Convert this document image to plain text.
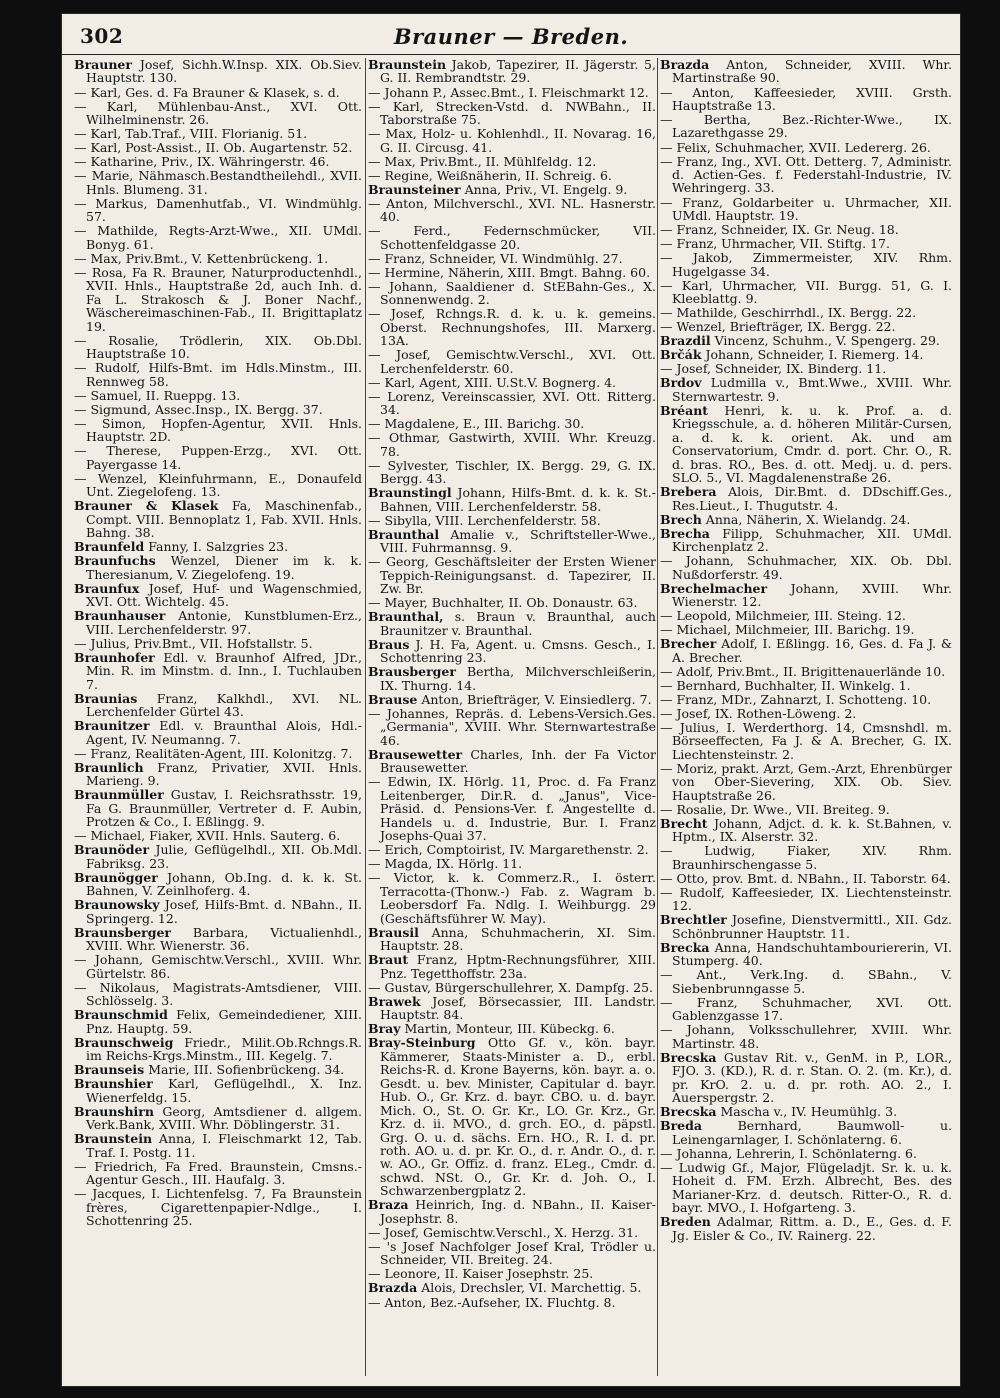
302	Brauner — Breden.

Brauner Josef, Sichh.W.Insp. XIX. Ob.Siev. Hauptstr. 130.

— Karl, Ges. d. Fa Brauner & Klasek, s. d.

— Karl, Mühlenbau-Anst., XVI. Ott. Wilhelminenstr. 26.

— Karl, Tab.Traf., VIII. Florianig. 51.

— Karl, Post-Assist., II. Ob. Augartenstr. 52.

— Katharine, Priv., IX. Währingerstr. 46.

— Marie, Nähmasch.Bestandtheilehdl., XVII. Hnls. Blumeng. 31.

— Markus, Damenhutfab., VI. Windmühlg. 57.

— Mathilde, Regts-Arzt-Wwe., XII. UMdl. Bonyg. 61.

— Max, Priv.Bmt., V. Kettenbrückeng. 1.

— Rosa, Fa R. Brauner, Naturproductenhdl., XVII. Hnls., Hauptstraße 2d, auch Inh. d. Fa L. Strakosch & J. Boner Nachf., Wäschereimaschinen-Fab., II. Brigittaplatz 19.

— Rosalie, Trödlerin, XIX. Ob.Dbl. Hauptstraße 10.

— Rudolf, Hilfs-Bmt. im Hdls.Minstm., III. Rennweg 58.

— Samuel, II. Rueppg. 13.

— Sigmund, Assec.Insp., IX. Bergg. 37.

— Simon, Hopfen-Agentur, XVII. Hnls. Hauptstr. 2D.

— Therese, Puppen-Erzg., XVI. Ott. Payergasse 14.

— Wenzel, Kleinfuhrmann, E., Donaufeld Unt. Ziegelofeng. 13.

Brauner & Klasek Fa, Maschinenfab., Compt. VIII. Bennoplatz 1, Fab. XVII. Hnls. Bahng. 38.

Braunfeld Fanny, I. Salzgries 23.

Braunfuchs Wenzel, Diener im k. k. Theresianum, V. Ziegelofeng. 19.

Braunfux Josef, Huf- und Wagenschmied, XVI. Ott. Wichtelg. 45.

Braunhauser Antonie, Kunstblumen-Erz., VIII. Lerchenfelderstr. 97.

— Julius, Priv.Bmt., VII. Hofstallstr. 5.

Braunhofer Edl. v. Braunhof Alfred, JDr., Min. R. im Minstm. d. Inn., I. Tuchlauben 7.

Braunias Franz, Kalkhdl., XVI. NL. Lerchenfelder Gürtel 43.

Braunitzer Edl. v. Braunthal Alois, Hdl.-Agent, IV. Neumanng. 7.

— Franz, Realitäten-Agent, III. Kolonitzg. 7.

Braunlich Franz, Privatier, XVII. Hnls. Marieng. 9.

Braunmüller Gustav, I. Reichsrathsstr. 19, Fa G. Braunmüller, Vertreter d. F. Aubin, Protzen & Co., I. Eßlingg. 9.

— Michael, Fiaker, XVII. Hnls. Sauterg. 6.

Braunöder Julie, Geflügelhdl., XII. Ob.Mdl. Fabriksg. 23.

Braunögger Johann, Ob.Ing. d. k. k. St. Bahnen, V. Zeinlhoferg. 4.

Braunowsky Josef, Hilfs-Bmt. d. NBahn., II. Springerg. 12.

Braunsberger Barbara, Victualienhdl., XVIII. Whr. Wienerstr. 36.

— Johann, Gemischtw.Verschl., XVIII. Whr. Gürtelstr. 86.

— Nikolaus, Magistrats-Amtsdiener, VIII. Schlösselg. 3.

Braunschmid Felix, Gemeindediener, XIII. Pnz. Hauptg. 59.

Braunschweig Friedr., Milit.Ob.Rchngs.R. im Reichs-Krgs.Minstm., III. Kegelg. 7.

Braunseis Marie, III. Sofienbrückeng. 34.

Braunshier Karl, Geflügelhdl., X. Inz. Wienerfeldg. 15.

Braunshirn Georg, Amtsdiener d. allgem. Verk.Bank, XVIII. Whr. Döblingerstr. 31.

Braunstein Anna, I. Fleischmarkt 12, Tab. Traf. I. Postg. 11.

— Friedrich, Fa Fred. Braunstein, Cmsns.-Agentur Gesch., III. Haufalg. 3.

— Jacques, I. Lichtenfelsg. 7, Fa Braunstein frères, Cigarettenpapier-Ndlge., I. Schottenring 25.

Braunstein Jakob, Tapezirer, II. Jägerstr. 5, G. II. Rembrandtstr. 29.

— Johann P., Assec.Bmt., I. Fleischmarkt 12.

— Karl, Strecken-Vstd. d. NWBahn., II. Taborstraße 75.

— Max, Holz- u. Kohlenhdl., II. Novarag. 16, G. II. Circusg. 41.

— Max, Priv.Bmt., II. Mühlfeldg. 12.

— Regine, Weißnäherin, II. Schreig. 6.

Braunsteiner Anna, Priv., VI. Engelg. 9.

— Anton, Milchverschl., XVI. NL. Hasnerstr. 40.

— Ferd., Federnschmücker, VII. Schottenfeldgasse 20.

— Franz, Schneider, VI. Windmühlg. 27.

— Hermine, Näherin, XIII. Bmgt. Bahng. 60.

— Johann, Saaldiener d. StEBahn-Ges., X. Sonnenwendg. 2.

— Josef, Rchngs.R. d. k. u. k. gemeins. Oberst. Rechnungshofes, III. Marxerg. 13A.

— Josef, Gemischtw.Verschl., XVI. Ott. Lerchenfelderstr. 60.

— Karl, Agent, XIII. U.St.V. Bognerg. 4.

— Lorenz, Vereinscassier, XVI. Ott. Ritterg. 34.

— Magdalene, E., III. Barichg. 30.

— Othmar, Gastwirth, XVIII. Whr. Kreuzg. 78.

— Sylvester, Tischler, IX. Bergg. 29, G. IX. Bergg. 43.

Braunstingl Johann, Hilfs-Bmt. d. k. k. St.-Bahnen, VIII. Lerchenfelderstr. 58.

— Sibylla, VIII. Lerchenfelderstr. 58.

Braunthal Amalie v., Schriftsteller-Wwe., VIII. Fuhrmannsg. 9.

— Georg, Geschäftsleiter der Ersten Wiener Teppich-Reinigungsanst. d. Tapezirer, II. Zw. Br.

— Mayer, Buchhalter, II. Ob. Donaustr. 63.

Braunthal, s. Braun v. Braunthal, auch Braunitzer v. Braunthal.

Braus J. H. Fa, Agent. u. Cmsns. Gesch., I. Schottenring 23.

Brausberger Bertha, Milchverschleißerin, IX. Thurng. 14.

Brause Anton, Briefträger, V. Einsiedlerg. 7.

— Johannes, Repräs. d. Lebens-Versich.Ges. „Germania", XVIII. Whr. Sternwartestraße 46.

Brausewetter Charles, Inh. der Fa Victor Brausewetter.

— Edwin, IX. Hörlg. 11, Proc. d. Fa Franz Leitenberger, Dir.R. d. „Janus", Vice-Präsid. d. Pensions-Ver. f. Angestellte d. Handels u. d. Industrie, Bur. I. Franz Josephs-Quai 37.

— Erich, Comptoirist, IV. Margarethenstr. 2.

— Magda, IX. Hörlg. 11.

— Victor, k. k. Commerz.R., I. österr. Terracotta-(Thonw.-) Fab. z. Wagram b. Leobersdorf Fa. Ndlg. I. Weihburgg. 29 (Geschäftsführer W. May).

Brausil Anna, Schuhmacherin, XI. Sim. Hauptstr. 28.

Braut Franz, Hptm-Rechnungsführer, XIII. Pnz. Tegetthoffstr. 23a.

— Gustav, Bürgerschullehrer, X. Dampfg. 25.

Brawek Josef, Börsecassier, III. Landstr. Hauptstr. 84.

Bray Martin, Monteur, III. Kübeckg. 6.

Bray-Steinburg Otto Gf. v., kön. bayr. Kämmerer, Staats-Minister a. D., erbl. Reichs-R. d. Krone Bayerns, kön. bayr. a. o. Gesdt. u. bev. Minister, Capitular d. bayr. Hub. O., Gr. Krz. d. bayr. CBO. u. d. bayr. Mich. O., St. O. Gr. Kr., LO. Gr. Krz., Gr. Krz. d. ii. MVO., d. grch. EO., d. päpstl. Grg. O. u. d. sächs. Ern. HO., R. I. d. pr. roth. AO. u. d. pr. Kr. O., d. r. Andr. O., d. r. w. AO., Gr. Offiz. d. franz. ELeg., Cmdr. d. schwd. NSt. O., Gr. Kr. d. Joh. O., I. Schwarzenbergplatz 2.

Braza Heinrich, Ing. d. NBahn., II. Kaiser-Josephstr. 8.

— Josef, Gemischtw.Verschl., X. Herzg. 31.

— 's Josef Nachfolger Josef Kral, Trödler u. Schneider, VII. Breiteg. 24.

— Leonore, II. Kaiser Josephstr. 25.

Brazda Alois, Drechsler, VI. Marchettig. 5.

— Anton, Bez.-Aufseher, IX. Fluchtg. 8.

Brazda Anton, Schneider, XVIII. Whr. Martinstraße 90.

— Anton, Kaffeesieder, XVIII. Grsth. Hauptstraße 13.

— Bertha, Bez.-Richter-Wwe., IX. Lazarethgasse 29.

— Felix, Schuhmacher, XVII. Ledererg. 26.

— Franz, Ing., XVI. Ott. Detterg. 7, Administr. d. Actien-Ges. f. Federstahl-Industrie, IV. Wehringerg. 33.

— Franz, Goldarbeiter u. Uhrmacher, XII. UMdl. Hauptstr. 19.

— Franz, Schneider, IX. Gr. Neug. 18.

— Franz, Uhrmacher, VII. Stiftg. 17.

— Jakob, Zimmermeister, XIV. Rhm. Hugelgasse 34.

— Karl, Uhrmacher, VII. Burgg. 51, G. I. Kleeblattg. 9.

— Mathilde, Geschirrhdl., IX. Bergg. 22.

— Wenzel, Briefträger, IX. Bergg. 22.

Brazdil Vincenz, Schuhm., V. Spengerg. 29.

Brčák Johann, Schneider, I. Riemerg. 14.

— Josef, Schneider, IX. Binderg. 11.

Brdov Ludmilla v., Bmt.Wwe., XVIII. Whr. Sternwartestr. 9.

Bréant Henri, k. u. k. Prof. a. d. Kriegsschule, a. d. höheren Militär-Cursen, a. d. k. k. orient. Ak. und am Conservatorium, Cmdr. d. port. Chr. O., R. d. bras. RO., Bes. d. ott. Medj. u. d. pers. SLO. 5., VI. Magdalenenstraße 26.

Brebera Alois, Dir.Bmt. d. DDschiff.Ges., Res.Lieut., I. Thugutstr. 4.

Brech Anna, Näherin, X. Wielandg. 24.

Brecha Filipp, Schuhmacher, XII. UMdl. Kirchenplatz 2.

— Johann, Schuhmacher, XIX. Ob. Dbl. Nußdorferstr. 49.

Brechelmacher Johann, XVIII. Whr. Wienerstr. 12.

— Leopold, Milchmeier, III. Steing. 12.

— Michael, Milchmeier, III. Barichg. 19.

Brecher Adolf, I. Eßlingg. 16, Ges. d. Fa J. & A. Brecher.

— Adolf, Priv.Bmt., II. Brigittenauerlände 10.

— Bernhard, Buchhalter, II. Winkelg. 1.

— Franz, MDr., Zahnarzt, I. Schotteng. 10.

— Josef, IX. Rothen-Löweng. 2.

— Julius, I. Werderthorg. 14, Cmsnshdl. m. Börseeffecten, Fa J. & A. Brecher, G. IX. Liechtensteinstr. 2.

— Moriz, prakt. Arzt, Gem.-Arzt, Ehrenbürger von Ober-Sievering, XIX. Ob. Siev. Hauptstraße 26.

— Rosalie, Dr. Wwe., VII. Breiteg. 9.

Brecht Johann, Adjct. d. k. k. St.Bahnen, v. Hptm., IX. Alserstr. 32.

— Ludwig, Fiaker, XIV. Rhm. Braunhirschengasse 5.

— Otto, prov. Bmt. d. NBahn., II. Taborstr. 64.

— Rudolf, Kaffeesieder, IX. Liechtensteinstr. 12.

Brechtler Josefine, Dienstvermittl., XII. Gdz. Schönbrunner Hauptstr. 11.

Brecka Anna, Handschuhtambouriererin, VI. Stumperg. 40.

— Ant., Verk.Ing. d. SBahn., V. Siebenbrunngasse 5.

— Franz, Schuhmacher, XVI. Ott. Gablenzgasse 17.

— Johann, Volksschullehrer, XVIII. Whr. Martinstr. 48.

Brecska Gustav Rit. v., GenM. in P., LOR., FJO. 3. (KD.), R. d. r. Stan. O. 2. (m. Kr.), d. pr. KrO. 2. u. d. pr. roth. AO. 2., I. Auerspergstr. 2.

Brecska Mascha v., IV. Heumühlg. 3.

Breda	Bernhard, Baumwoll- u. Leinengarnlager, I. Schönlaterng. 6.

— Johanna, Lehrerin, I. Schönlaterng. 6.

— Ludwig Gf., Major, Flügeladjt. Sr. k. u. k. Hoheit d. FM. Erzh. Albrecht, Bes. des Marianer-Krz. d. deutsch. Ritter-O., R. d. bayr. MVO., I. Hofgarteng. 3.

Breden Adalmar, Rittm. a. D., E., Ges. d. F. Jg. Eisler & Co., IV. Rainerg. 22.
